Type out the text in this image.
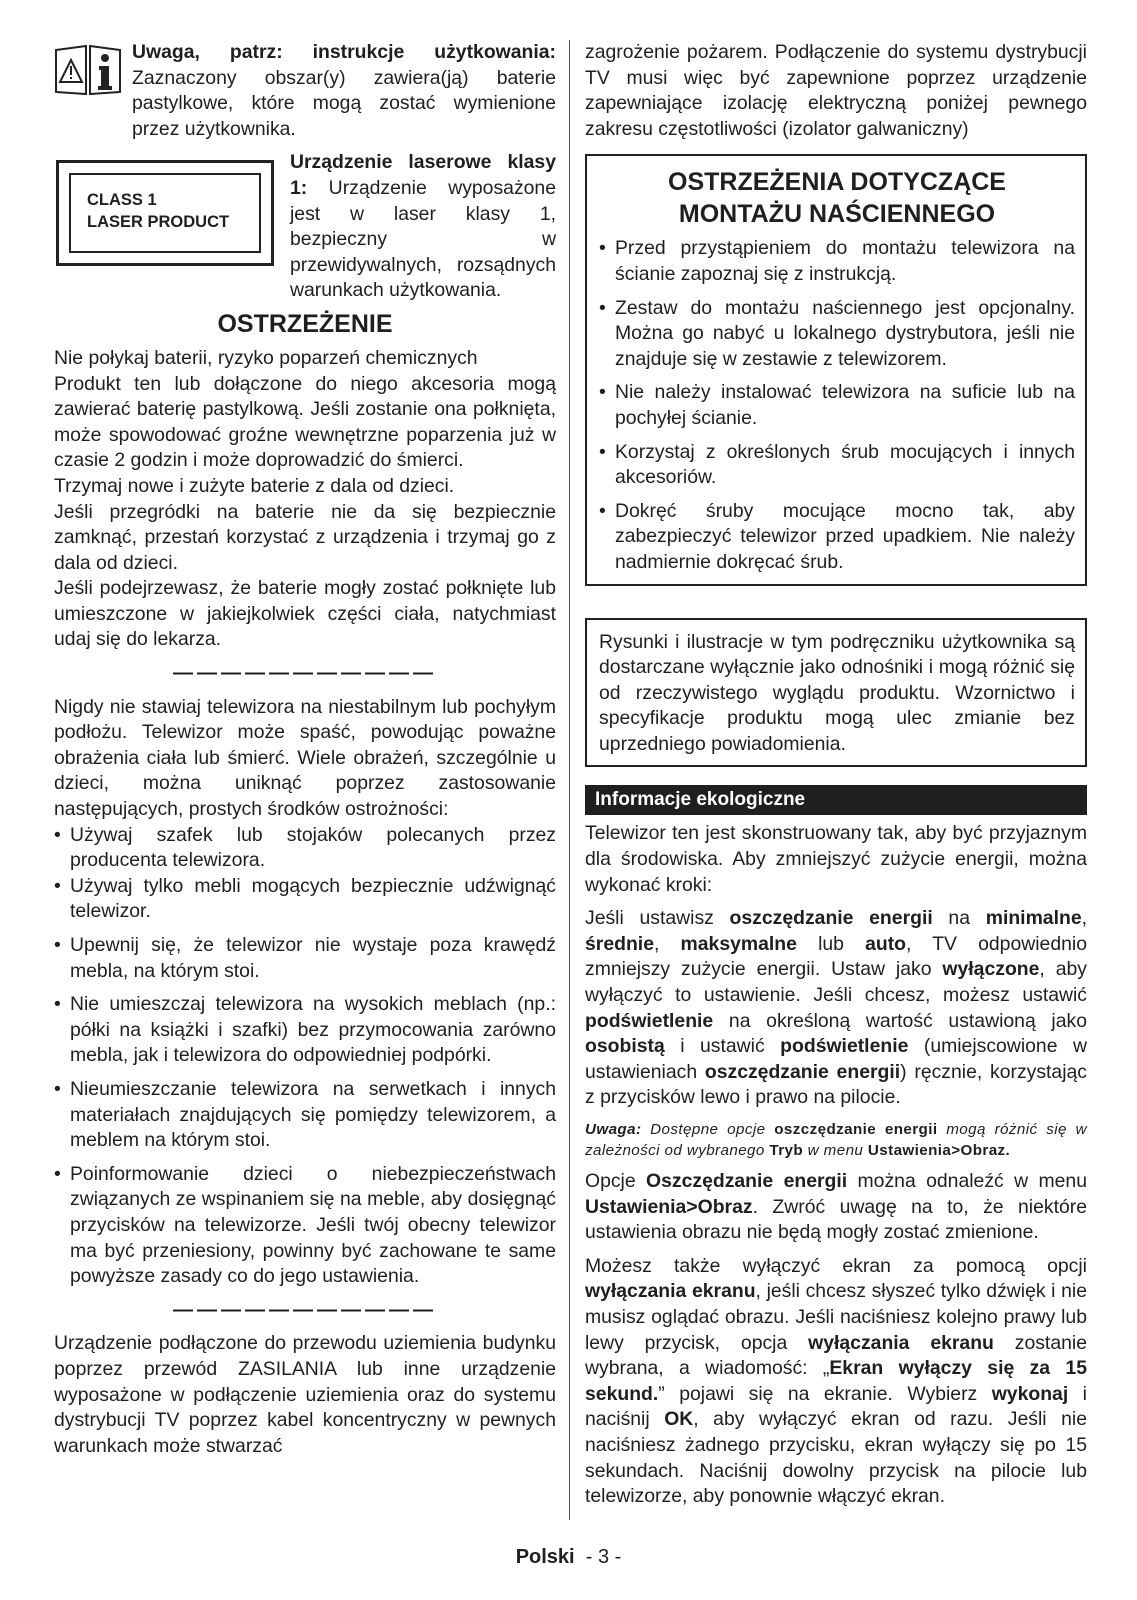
Uwaga, patrz: instrukcje użytkowania: Zaznaczony obszar(y) zawiera(ją) baterie pastylkowe, które mogą zostać wymienione przez użytkownika.

CLASS 1
LASER PRODUCT

Urządzenie laserowe klasy 1: Urządzenie wyposażone jest w laser klasy 1, bezpieczny w przewidywalnych, rozsądnych warunkach użytkowania.

OSTRZEŻENIE

Nie połykaj baterii, ryzyko poparzeń chemicznych

Produkt ten lub dołączone do niego akcesoria mogą zawierać baterię pastylkową. Jeśli zostanie ona połknięta, może spowodować groźne wewnętrzne poparzenia już w czasie 2 godzin i może doprowadzić do śmierci.

Trzymaj nowe i zużyte baterie z dala od dzieci.

Jeśli przegródki na baterie nie da się bezpiecznie zamknąć, przestań korzystać z urządzenia i trzymaj go z dala od dzieci.

Jeśli podejrzewasz, że baterie mogły zostać połknięte lub umieszczone w jakiejkolwiek części ciała, natychmiast udaj się do lekarza.

———————————

Nigdy nie stawiaj telewizora na niestabilnym lub pochyłym podłożu. Telewizor może spaść, powodując poważne obrażenia ciała lub śmierć. Wiele obrażeń, szczególnie u dzieci, można uniknąć poprzez zastosowanie następujących, prostych środków ostrożności:

• Używaj szafek lub stojaków polecanych przez producenta telewizora.
• Używaj tylko mebli mogących bezpiecznie udźwignąć telewizor.
• Upewnij się, że telewizor nie wystaje poza krawędź mebla, na którym stoi.
• Nie umieszczaj telewizora na wysokich meblach (np.: półki na książki i szafki) bez przymocowania zarówno mebla, jak i telewizora do odpowiedniej podpórki.
• Nieumieszczanie telewizora na serwetkach i innych materiałach znajdujących się pomiędzy telewizorem, a meblem na którym stoi.
• Poinformowanie dzieci o niebezpieczeństwach związanych ze wspinaniem się na meble, aby dosięgnąć przycisków na telewizorze. Jeśli twój obecny telewizor ma być przeniesiony, powinny być zachowane te same powyższe zasady co do jego ustawienia.
———————————

Urządzenie podłączone do przewodu uziemienia budynku poprzez przewód ZASILANIA lub inne urządzenie wyposażone w podłączenie uziemienia oraz do systemu dystrybucji TV poprzez kabel koncentryczny w pewnych warunkach może stwarzać

zagrożenie pożarem. Podłączenie do systemu dystrybucji TV musi więc być zapewnione poprzez urządzenie zapewniające izolację elektryczną poniżej pewnego zakresu częstotliwości (izolator galwaniczny)

OSTRZEŻENIA DOTYCZĄCE
MONTAŻU NAŚCIENNEGO
• Przed przystąpieniem do montażu telewizora na ścianie zapoznaj się z instrukcją.
• Zestaw do montażu naściennego jest opcjonalny. Można go nabyć u lokalnego dystrybutora, jeśli nie znajduje się w zestawie z telewizorem.
• Nie należy instalować telewizora na suficie lub na pochyłej ścianie.
• Korzystaj z określonych śrub mocujących i innych akcesoriów.
• Dokręć śruby mocujące mocno tak, aby zabezpieczyć telewizor przed upadkiem. Nie należy nadmiernie dokręcać śrub.

Rysunki i ilustracje w tym podręczniku użytkownika są dostarczane wyłącznie jako odnośniki i mogą różnić się od rzeczywistego wyglądu produktu. Wzornictwo i specyfikacje produktu mogą ulec zmianie bez uprzedniego powiadomienia.

Informacje ekologiczne

Telewizor ten jest skonstruowany tak, aby być przyjaznym dla środowiska. Aby zmniejszyć zużycie energii, można wykonać kroki:

Jeśli ustawisz oszczędzanie energii na minimalne, średnie, maksymalne lub auto, TV odpowiednio zmniejszy zużycie energii. Ustaw jako wyłączone, aby wyłączyć to ustawienie. Jeśli chcesz, możesz ustawić podświetlenie na określoną wartość ustawioną jako osobistą i ustawić podświetlenie (umiejscowione w ustawieniach oszczędzanie energii) ręcznie, korzystając z przycisków lewo i prawo na pilocie.

Uwaga: Dostępne opcje oszczędzanie energii mogą różnić się w zależności od wybranego Tryb w menu Ustawienia>Obraz.

Opcje Oszczędzanie energii można odnaleźć w menu Ustawienia>Obraz. Zwróć uwagę na to, że niektóre ustawienia obrazu nie będą mogły zostać zmienione.

Możesz także wyłączyć ekran za pomocą opcji wyłączania ekranu, jeśli chcesz słyszeć tylko dźwięk i nie musisz oglądać obrazu. Jeśli naciśniesz kolejno prawy lub lewy przycisk, opcja wyłączania ekranu zostanie wybrana, a wiadomość: „Ekran wyłączy się za 15 sekund.” pojawi się na ekranie. Wybierz wykonaj i naciśnij OK, aby wyłączyć ekran od razu. Jeśli nie naciśniesz żadnego przycisku, ekran wyłączy się po 15 sekundach. Naciśnij dowolny przycisk na pilocie lub telewizorze, aby ponownie włączyć ekran.

Polski - 3 -
